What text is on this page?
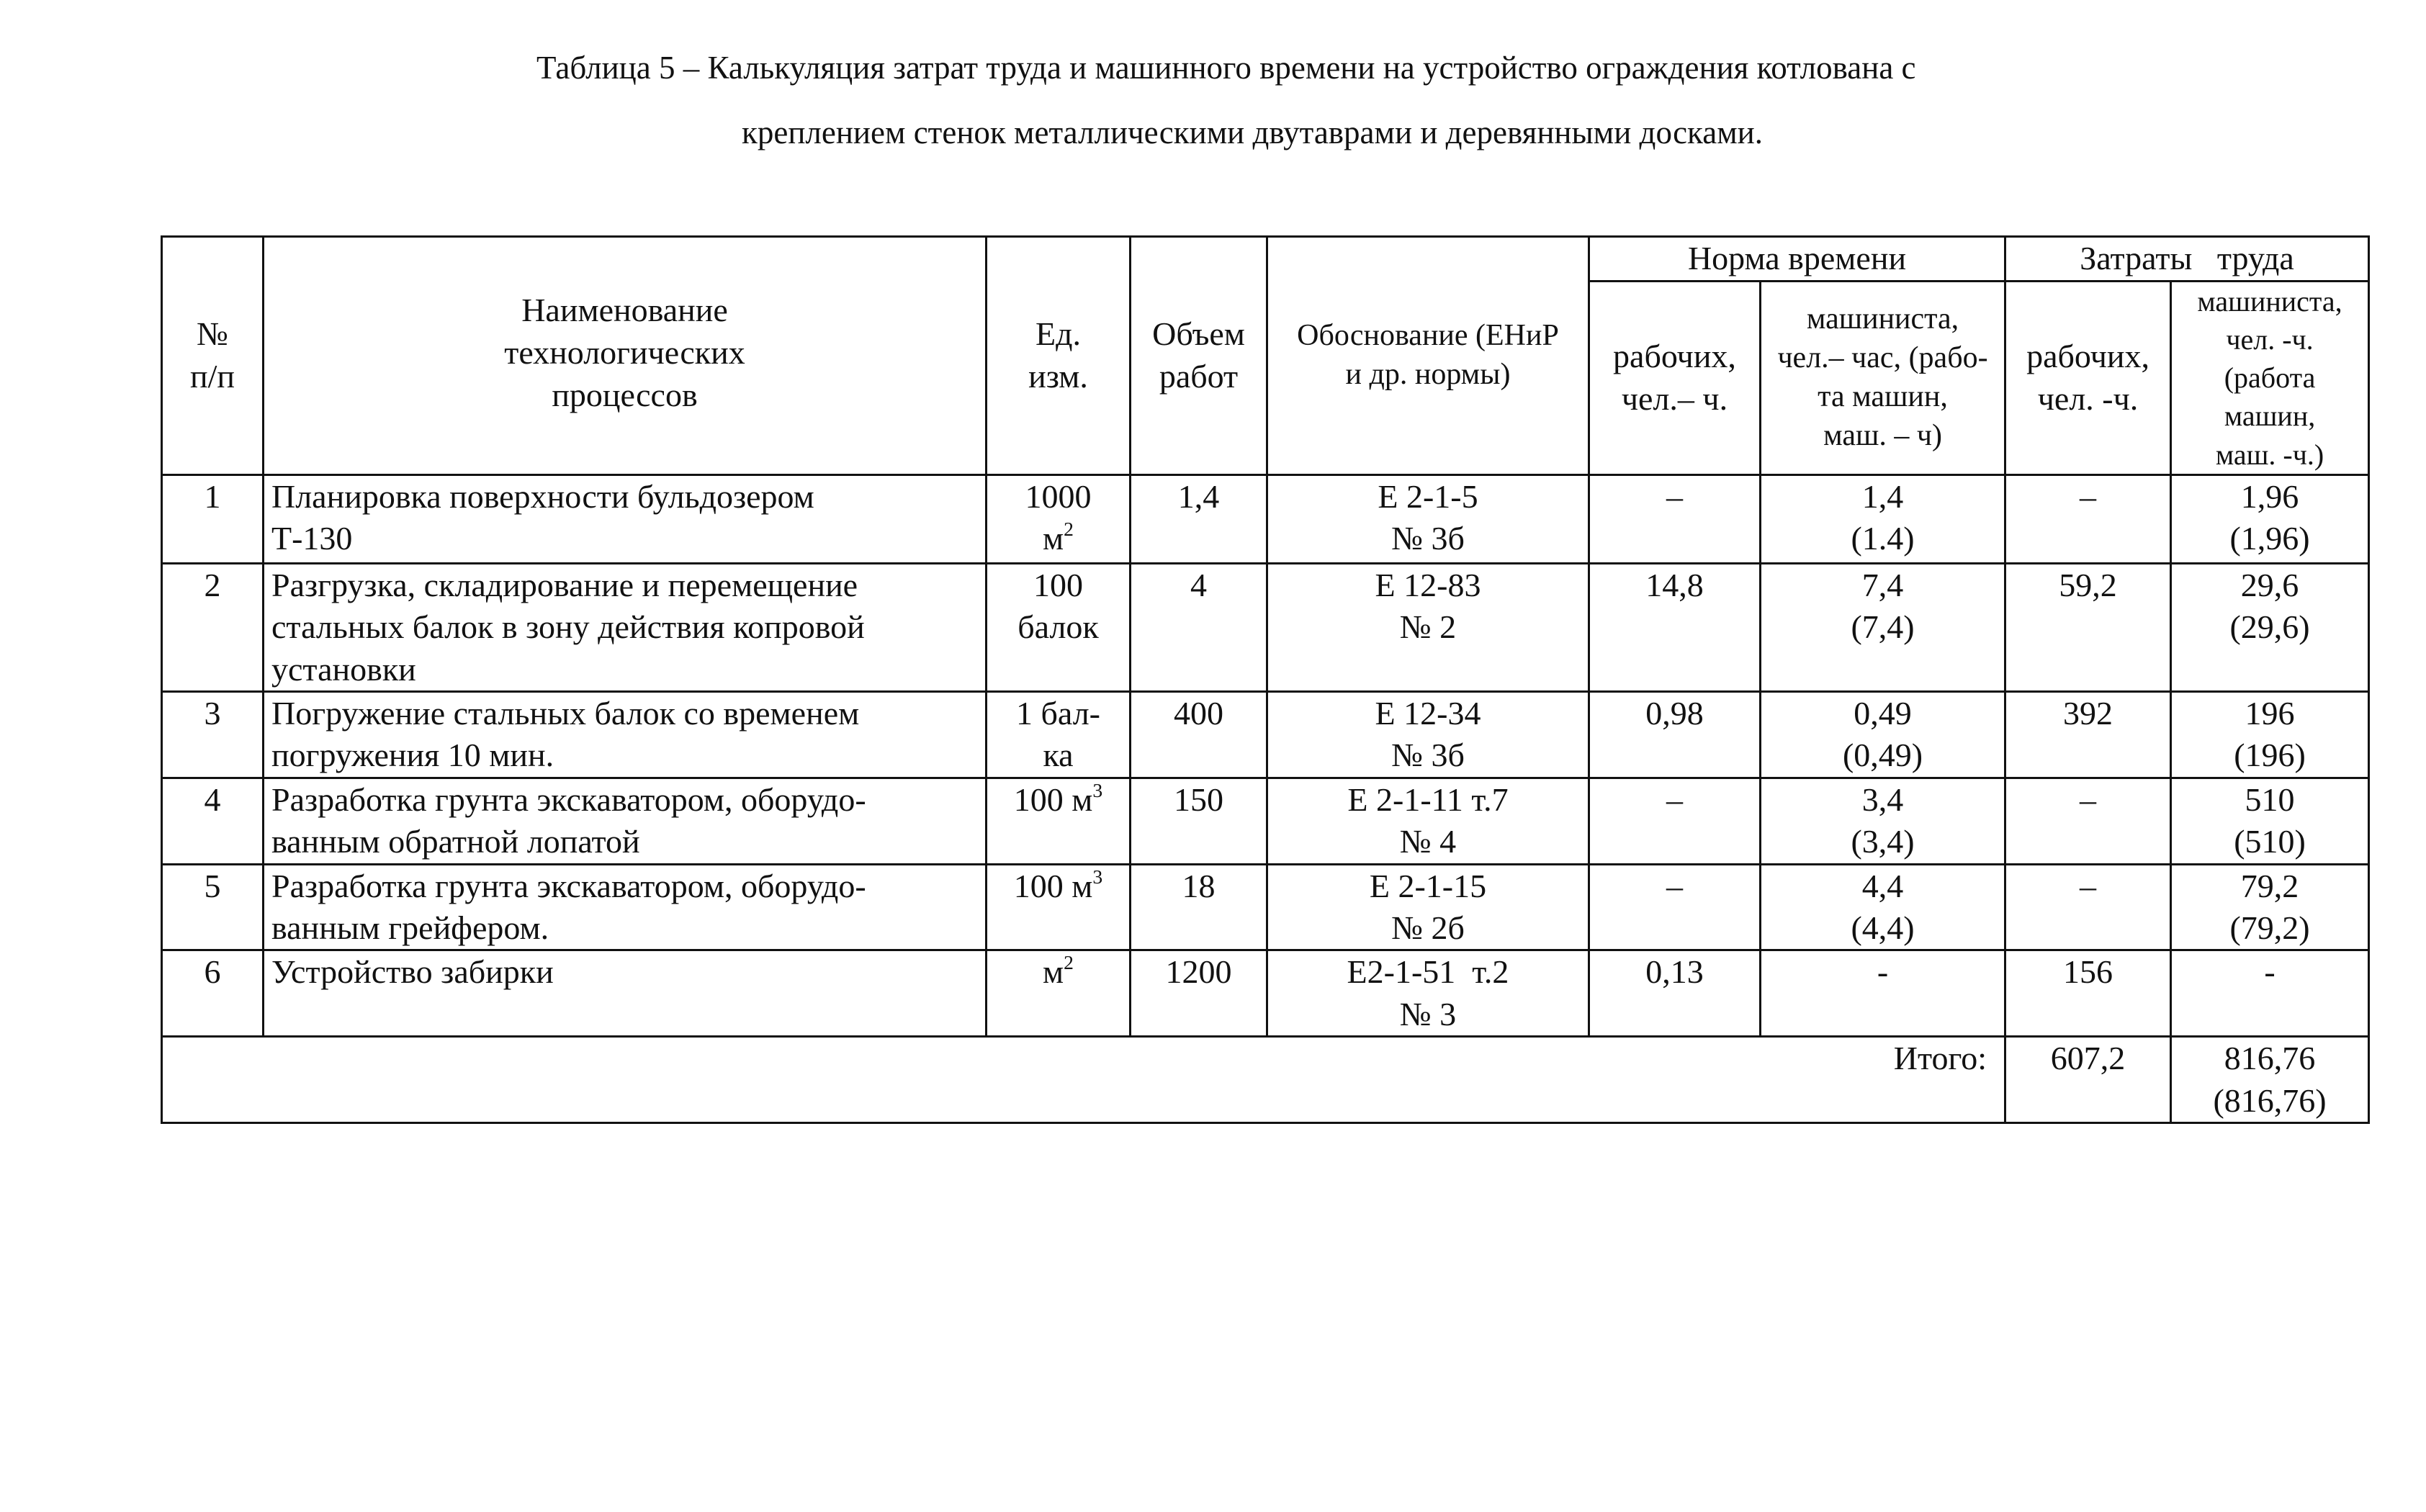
Таблица 5 – Калькуляция затрат труда и машинного времени на устройство ограждения котлована с
креплением стенок металлическими двутаврами и деревянными досками.
№
п/п	Наименование
технологических
процессов	Ед.
изм.	Объем
работ	Обоснование (ЕНиР
и др. нормы)	Норма времени		Затраты   труда	

					рабочих,
чел.– ч.	машиниста,
чел.– час, (рабо-
та машин,
маш. – ч)	рабочих,
чел. -ч.	машиниста,
чел. -ч.
(работа
машин,
маш. -ч.)

1	Планировка поверхности бульдозером
Т-130	1000
$м^2$	1,4	Е 2-1-5
№ 3б	–	1,4
(1.4)	–	1,96
(1,96)

2	Разгрузка, складирование и перемещение
стальных балок в зону действия копровой
установки	100
балок	4	Е 12-83
№ 2	14,8	7,4
(7,4)	59,2	29,6
(29,6)

3	Погружение стальных балок со временем
погружения 10 мин.	1 бал-
ка	400	Е 12-34
№ 3б	0,98	0,49
(0,49)	392	196
(196)

4	Разработка грунта экскаватором, оборудо-
ванным обратной лопатой	100 $м^3$	150	Е 2-1-11 т.7
№ 4	–	3,4
(3,4)	–	510
(510)

5	Разработка грунта экскаватором, оборудо-
ванным грейфером.	100 $м^3$	18	Е 2-1-15
№ 2б	–	4,4
(4,4)	–	79,2
(79,2)

6	Устройство забирки	$м^2$	1200	Е2-1-51  т.2
№ 3	0,13	-	156	-

Итого:							607,2	816,76
(816,76)
